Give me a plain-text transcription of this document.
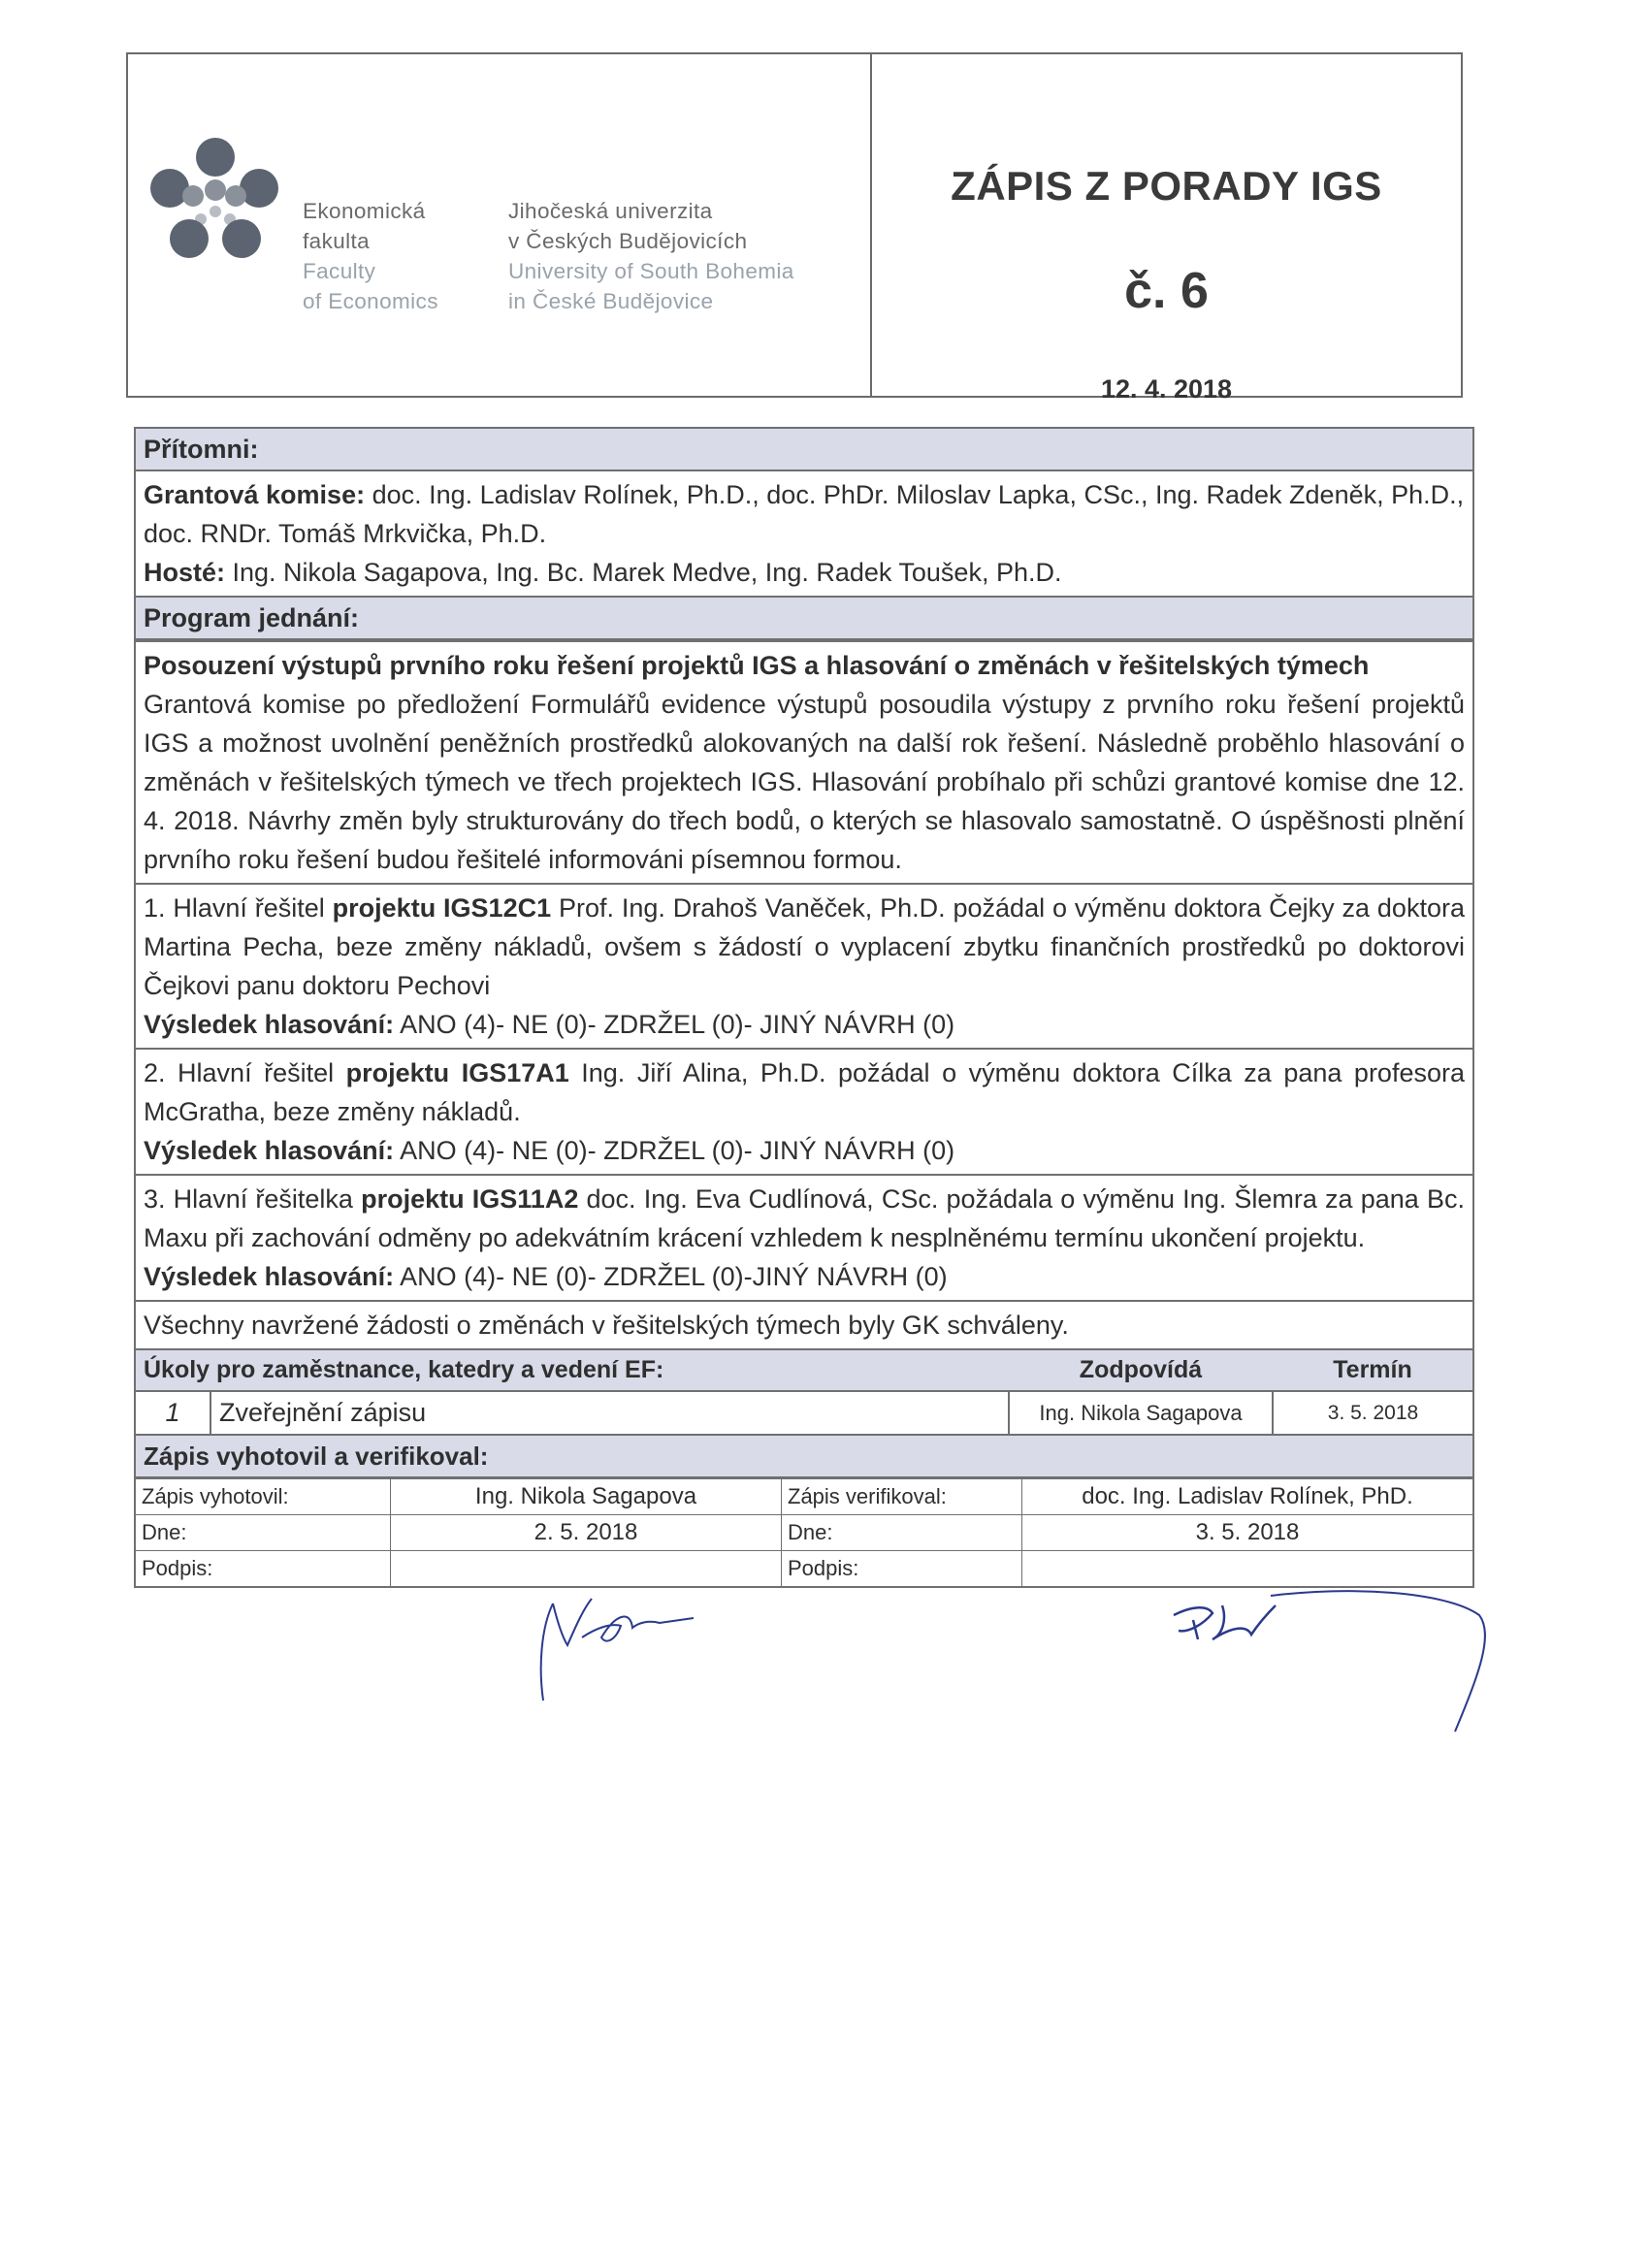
Ekonomická
fakulta
Faculty
of Economics
Jihočeská univerzita
v Českých Budějovicích
University of South Bohemia
in České Budějovice
ZÁPIS Z PORADY IGS
č. 6
12. 4. 2018
Přítomni:
Grantová komise: doc. Ing. Ladislav Rolínek, Ph.D., doc. PhDr. Miloslav Lapka, CSc., Ing. Radek Zdeněk, Ph.D., doc. RNDr. Tomáš Mrkvička, Ph.D.
Hosté: Ing. Nikola Sagapova, Ing. Bc. Marek Medve, Ing. Radek Toušek, Ph.D.
Program jednání:
Posouzení výstupů prvního roku řešení projektů IGS a hlasování o změnách v řešitelských týmech
Grantová komise po předložení Formulářů evidence výstupů posoudila výstupy z prvního roku řešení projektů IGS a možnost uvolnění peněžních prostředků alokovaných na další rok řešení. Následně proběhlo hlasování o změnách v řešitelských týmech ve třech projektech IGS. Hlasování probíhalo při schůzi grantové komise dne 12. 4. 2018. Návrhy změn byly strukturovány do třech bodů, o kterých se hlasovalo samostatně. O úspěšnosti plnění prvního roku řešení budou řešitelé informováni písemnou formou.
1. Hlavní řešitel projektu IGS12C1 Prof. Ing. Drahoš Vaněček, Ph.D. požádal o výměnu doktora Čejky za doktora Martina Pecha, beze změny nákladů, ovšem s žádostí o vyplacení zbytku finančních prostředků po doktorovi Čejkovi panu doktoru Pechovi
Výsledek hlasování: ANO (4)- NE (0)- ZDRŽEL (0)- JINÝ NÁVRH (0)
2. Hlavní řešitel projektu IGS17A1 Ing. Jiří Alina, Ph.D. požádal o výměnu doktora Cílka za pana profesora McGratha, beze změny nákladů.
Výsledek hlasování: ANO (4)- NE (0)- ZDRŽEL (0)- JINÝ NÁVRH (0)
3. Hlavní řešitelka projektu IGS11A2 doc. Ing. Eva Cudlínová, CSc. požádala o výměnu Ing. Šlemra za pana Bc. Maxu při zachování odměny po adekvátním krácení vzhledem k nesplněnému termínu ukončení projektu.
Výsledek hlasování: ANO (4)- NE (0)- ZDRŽEL (0)-JINÝ NÁVRH (0)
Všechny navržené žádosti o změnách v řešitelských týmech byly GK schváleny.
Úkoly pro zaměstnance, katedry a vedení EF:		Zodpovídá	Termín
1	Zveřejnění zápisu	Ing. Nikola Sagapova	3. 5. 2018
Zápis vyhotovil a verifikoval:
Zápis vyhotovil:	Ing. Nikola Sagapova	Zápis verifikoval:	doc. Ing. Ladislav Rolínek, PhD.
Dne:	2. 5. 2018	Dne:	3. 5. 2018
Podpis:		Podpis:	
